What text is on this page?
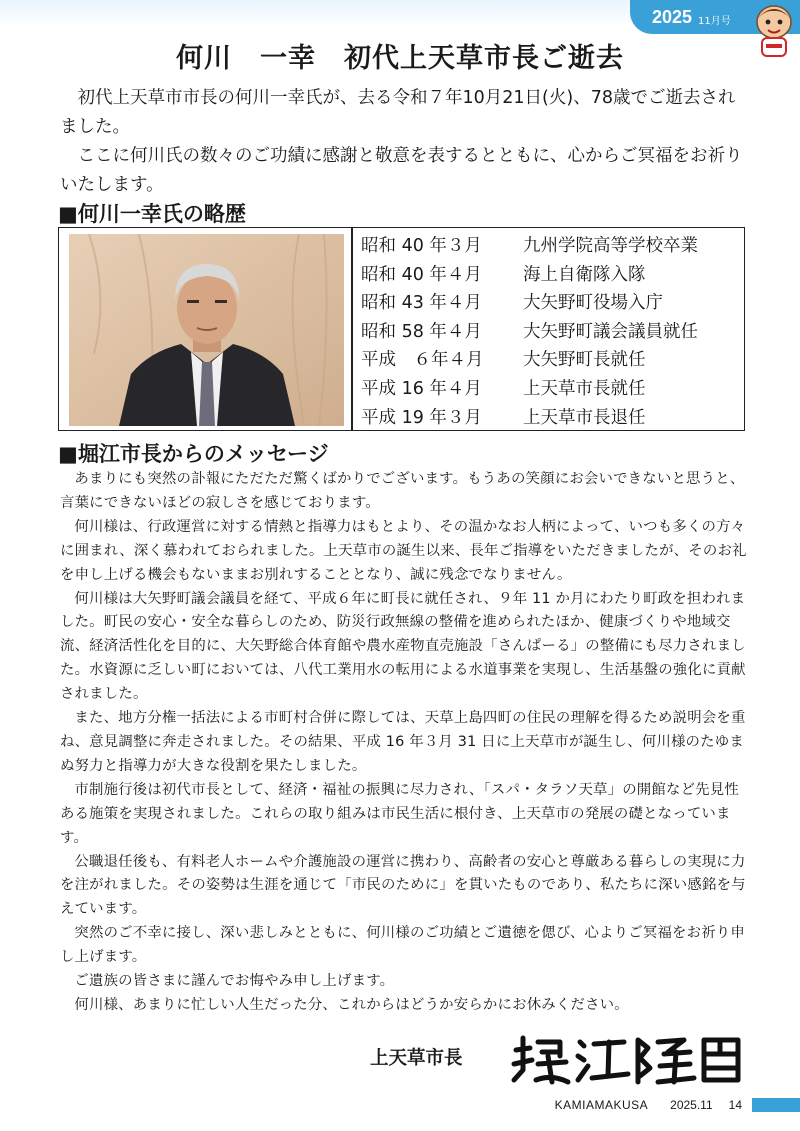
2025 11月号
何川　一幸　初代上天草市長ご逝去

初代上天草市市長の何川一幸氏が、去る令和７年10月21日(火)、78歳でご逝去されました。

ここに何川氏の数々のご功績に感謝と敬意を表するとともに、心からご冥福をお祈りいたします。

■何川一幸氏の略歴
昭和 40 年３月	九州学院高等学校卒業
昭和 40 年４月	海上自衛隊入隊
昭和 43 年４月	大矢野町役場入庁
昭和 58 年４月	大矢野町議会議員就任
平成　６年４月	大矢野町長就任
平成 16 年４月	上天草市長就任
平成 19 年３月	上天草市長退任
■堀江市長からのメッセージ

あまりにも突然の訃報にただただ驚くばかりでございます。もうあの笑顔にお会いできないと思うと、言葉にできないほどの寂しさを感じております。

何川様は、行政運営に対する情熱と指導力はもとより、その温かなお人柄によって、いつも多くの方々に囲まれ、深く慕われておられました。上天草市の誕生以来、長年ご指導をいただきましたが、そのお礼を申し上げる機会もないままお別れすることとなり、誠に残念でなりません。

何川様は大矢野町議会議員を経て、平成６年に町長に就任され、９年 11 か月にわたり町政を担われました。町民の安心・安全な暮らしのため、防災行政無線の整備を進められたほか、健康づくりや地域交流、経済活性化を目的に、大矢野総合体育館や農水産物直売施設「さんぱーる」の整備にも尽力されました。水資源に乏しい町においては、八代工業用水の転用による水道事業を実現し、生活基盤の強化に貢献されました。

また、地方分権一括法による市町村合併に際しては、天草上島四町の住民の理解を得るため説明会を重ね、意見調整に奔走されました。その結果、平成 16 年３月 31 日に上天草市が誕生し、何川様のたゆまぬ努力と指導力が大きな役割を果たしました。

市制施行後は初代市長として、経済・福祉の振興に尽力され、「スパ・タラソ天草」の開館など先見性ある施策を実現されました。これらの取り組みは市民生活に根付き、上天草市の発展の礎となっています。

公職退任後も、有料老人ホームや介護施設の運営に携わり、高齢者の安心と尊厳ある暮らしの実現に力を注がれました。その姿勢は生涯を通じて「市民のために」を貫いたものであり、私たちに深い感銘を与えています。

突然のご不幸に接し、深い悲しみとともに、何川様のご功績とご遺徳を偲び、心よりご冥福をお祈り申し上げます。

ご遺族の皆さまに謹んでお悔やみ申し上げます。

何川様、あまりに忙しい人生だった分、これからはどうか安らかにお休みください。

上天草市長
KAMIAMAKUSA 2025.11 14
